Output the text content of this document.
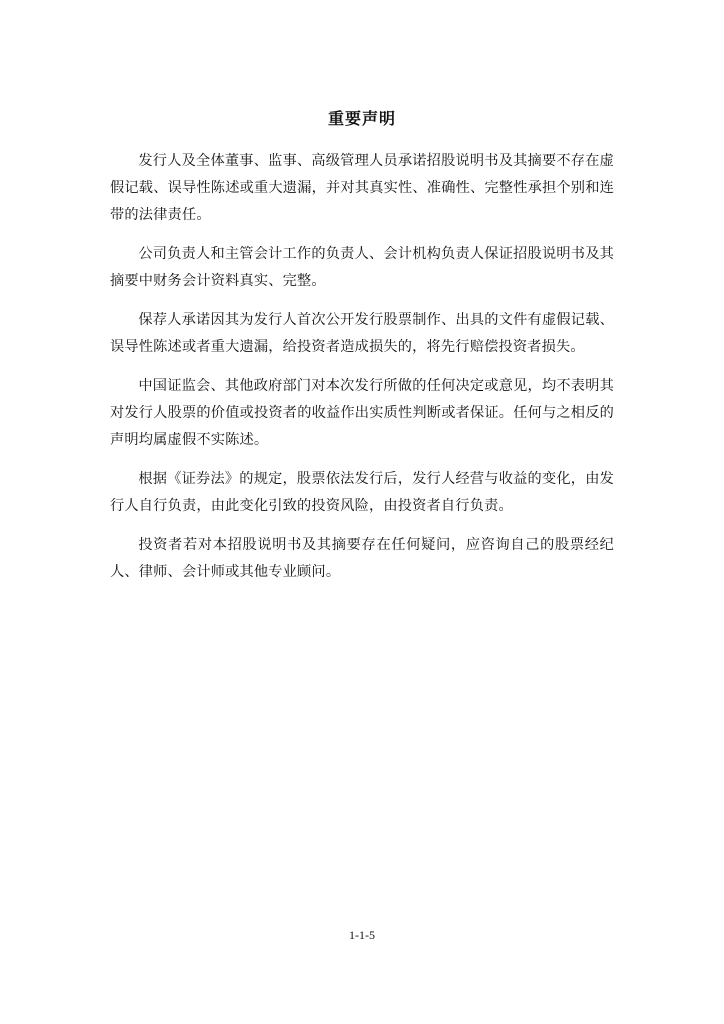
重要声明

发行人及全体董事、监事、高级管理人员承诺招股说明书及其摘要不存在虚假记载、误导性陈述或重大遗漏，并对其真实性、准确性、完整性承担个别和连带的法律责任。

公司负责人和主管会计工作的负责人、会计机构负责人保证招股说明书及其摘要中财务会计资料真实、完整。

保荐人承诺因其为发行人首次公开发行股票制作、出具的文件有虚假记载、误导性陈述或者重大遗漏，给投资者造成损失的，将先行赔偿投资者损失。

中国证监会、其他政府部门对本次发行所做的任何决定或意见，均不表明其对发行人股票的价值或投资者的收益作出实质性判断或者保证。任何与之相反的声明均属虚假不实陈述。

根据《证券法》的规定，股票依法发行后，发行人经营与收益的变化，由发行人自行负责，由此变化引致的投资风险，由投资者自行负责。

投资者若对本招股说明书及其摘要存在任何疑问，应咨询自己的股票经纪人、律师、会计师或其他专业顾问。

1-1-5
